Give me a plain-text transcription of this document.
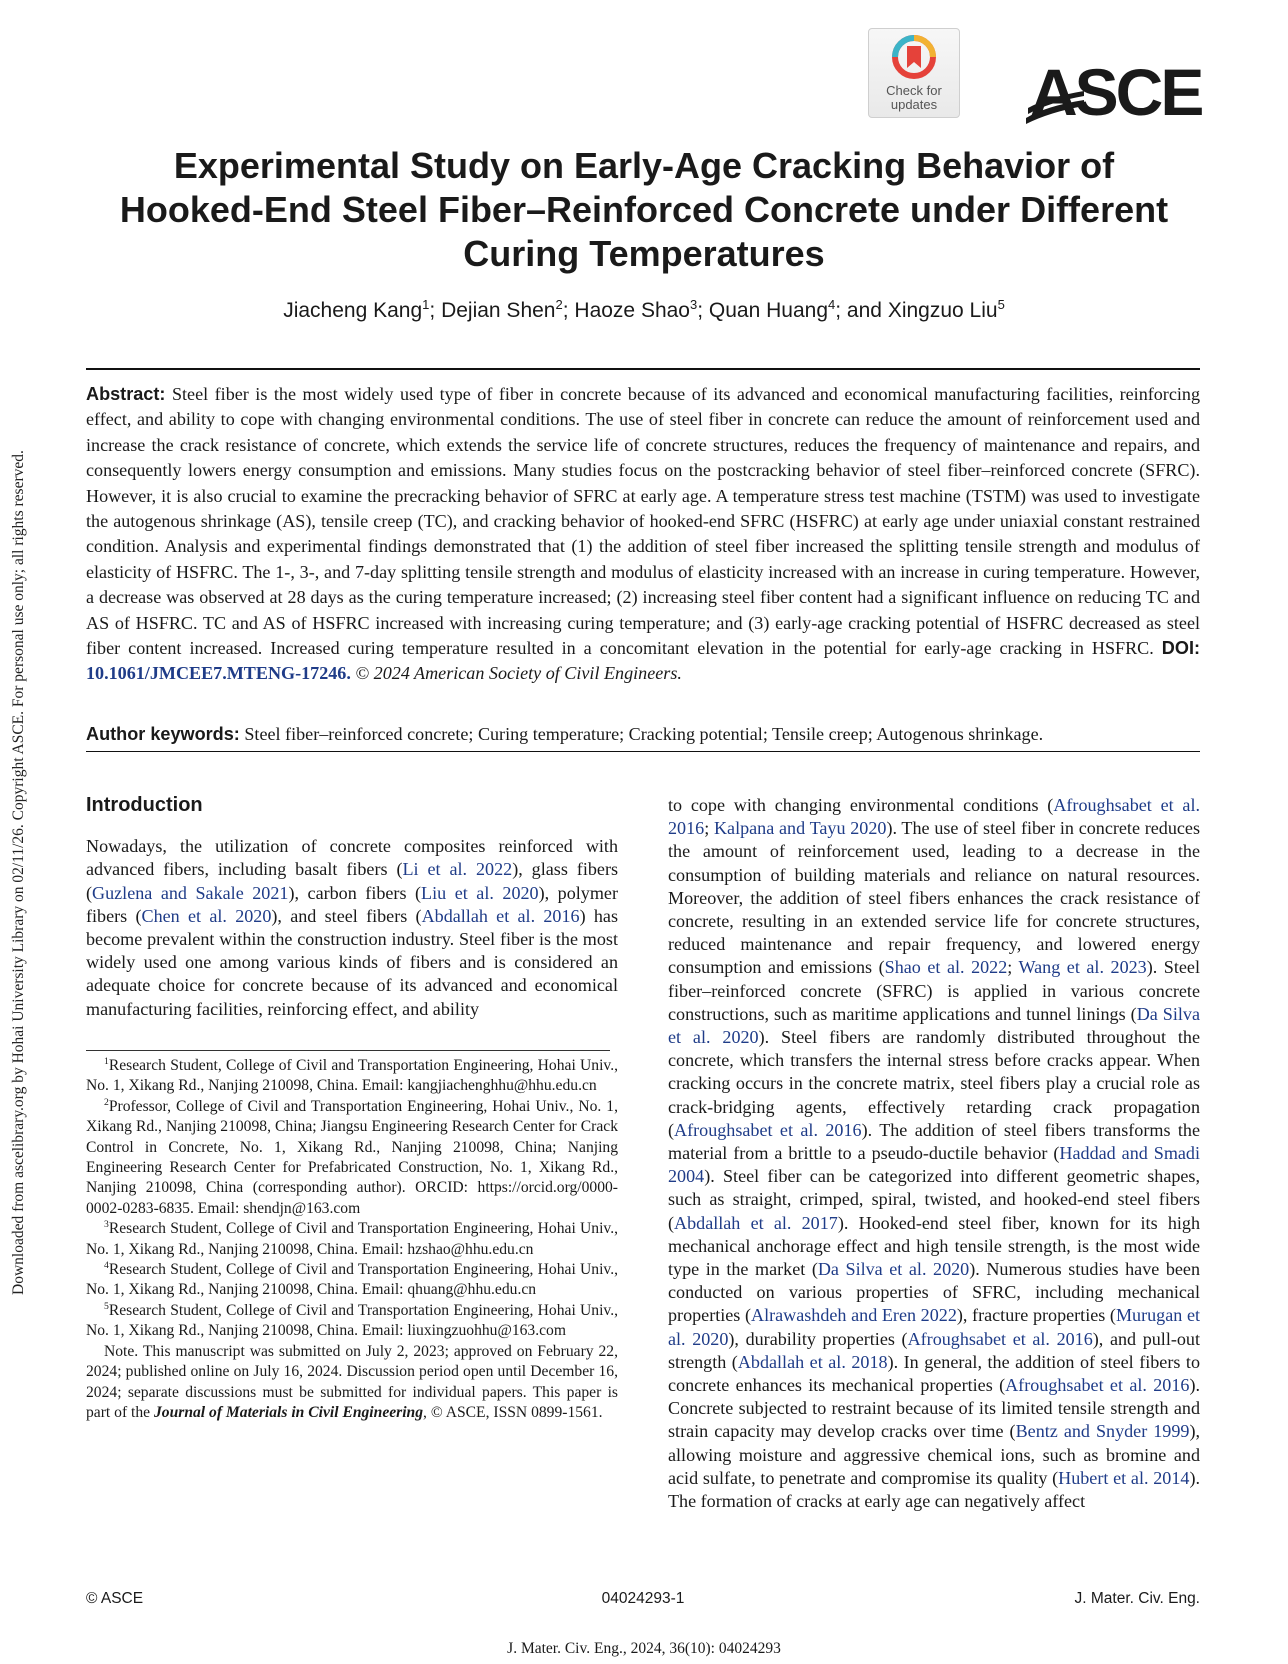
Downloaded from ascelibrary.org by Hohai University Library on 02/11/26. Copyright ASCE. For personal use only; all rights reserved.
Check for
updates	ASCE
Experimental Study on Early-Age Cracking Behavior of Hooked-End Steel Fiber–Reinforced Concrete under Different Curing Temperatures
Jiacheng Kang$^1$; Dejian Shen$^2$; Haoze Shao$^3$; Quan Huang$^4$; and Xingzuo Liu$^5$
Abstract: Steel fiber is the most widely used type of fiber in concrete because of its advanced and economical manufacturing facilities, reinforcing effect, and ability to cope with changing environmental conditions. The use of steel fiber in concrete can reduce the amount of reinforcement used and increase the crack resistance of concrete, which extends the service life of concrete structures, reduces the frequency of maintenance and repairs, and consequently lowers energy consumption and emissions. Many studies focus on the postcracking behavior of steel fiber–reinforced concrete (SFRC). However, it is also crucial to examine the precracking behavior of SFRC at early age. A temperature stress test machine (TSTM) was used to investigate the autogenous shrinkage (AS), tensile creep (TC), and cracking behavior of hooked-end SFRC (HSFRC) at early age under uniaxial constant restrained condition. Analysis and experimental findings demonstrated that (1) the addition of steel fiber increased the splitting tensile strength and modulus of elasticity of HSFRC. The 1-, 3-, and 7-day splitting tensile strength and modulus of elasticity increased with an increase in curing temperature. However, a decrease was observed at 28 days as the curing temperature increased; (2) increasing steel fiber content had a significant influence on reducing TC and AS of HSFRC. TC and AS of HSFRC increased with increasing curing temperature; and (3) early-age cracking potential of HSFRC decreased as steel fiber content increased. Increased curing temperature resulted in a concomitant elevation in the potential for early-age cracking in HSFRC. DOI: 10.1061/JMCEE7.MTENG-17246. © 2024 American Society of Civil Engineers.
Author keywords: Steel fiber–reinforced concrete; Curing temperature; Cracking potential; Tensile creep; Autogenous shrinkage.
Introduction

Nowadays, the utilization of concrete composites reinforced with advanced fibers, including basalt fibers (Li et al. 2022), glass fibers (Guzlena and Sakale 2021), carbon fibers (Liu et al. 2020), polymer fibers (Chen et al. 2020), and steel fibers (Abdallah et al. 2016) has become prevalent within the construction industry. Steel fiber is the most widely used one among various kinds of fibers and is considered an adequate choice for concrete because of its advanced and economical manufacturing facilities, reinforcing effect, and ability

$^1$Research Student, College of Civil and Transportation Engineering, Hohai Univ., No. 1, Xikang Rd., Nanjing 210098, China. Email: kangjiachenghhu@hhu.edu.cn

$^2$Professor, College of Civil and Transportation Engineering, Hohai Univ., No. 1, Xikang Rd., Nanjing 210098, China; Jiangsu Engineering Research Center for Crack Control in Concrete, No. 1, Xikang Rd., Nanjing 210098, China; Nanjing Engineering Research Center for Prefabricated Construction, No. 1, Xikang Rd., Nanjing 210098, China (corresponding author). ORCID: https://orcid.org/0000-0002-0283-6835. Email: shendjn@163.com

$^3$Research Student, College of Civil and Transportation Engineering, Hohai Univ., No. 1, Xikang Rd., Nanjing 210098, China. Email: hzshao@hhu.edu.cn

$^4$Research Student, College of Civil and Transportation Engineering, Hohai Univ., No. 1, Xikang Rd., Nanjing 210098, China. Email: qhuang@hhu.edu.cn

$^5$Research Student, College of Civil and Transportation Engineering, Hohai Univ., No. 1, Xikang Rd., Nanjing 210098, China. Email: liuxingzuohhu@163.com

Note. This manuscript was submitted on July 2, 2023; approved on February 22, 2024; published online on July 16, 2024. Discussion period open until December 16, 2024; separate discussions must be submitted for individual papers. This paper is part of the Journal of Materials in Civil Engineering, © ASCE, ISSN 0899-1561.

to cope with changing environmental conditions (Afroughsabet et al. 2016; Kalpana and Tayu 2020). The use of steel fiber in concrete reduces the amount of reinforcement used, leading to a decrease in the consumption of building materials and reliance on natural resources. Moreover, the addition of steel fibers enhances the crack resistance of concrete, resulting in an extended service life for concrete structures, reduced maintenance and repair frequency, and lowered energy consumption and emissions (Shao et al. 2022; Wang et al. 2023). Steel fiber–reinforced concrete (SFRC) is applied in various concrete constructions, such as maritime applications and tunnel linings (Da Silva et al. 2020). Steel fibers are randomly distributed throughout the concrete, which transfers the internal stress before cracks appear. When cracking occurs in the concrete matrix, steel fibers play a crucial role as crack-bridging agents, effectively retarding crack propagation (Afroughsabet et al. 2016). The addition of steel fibers transforms the material from a brittle to a pseudo-ductile behavior (Haddad and Smadi 2004). Steel fiber can be categorized into different geometric shapes, such as straight, crimped, spiral, twisted, and hooked-end steel fibers (Abdallah et al. 2017). Hooked-end steel fiber, known for its high mechanical anchorage effect and high tensile strength, is the most wide type in the market (Da Silva et al. 2020). Numerous studies have been conducted on various properties of SFRC, including mechanical properties (Alrawashdeh and Eren 2022), fracture properties (Murugan et al. 2020), durability properties (Afroughsabet et al. 2016), and pull-out strength (Abdallah et al. 2018). In general, the addition of steel fibers to concrete enhances its mechanical properties (Afroughsabet et al. 2016). Concrete subjected to restraint because of its limited tensile strength and strain capacity may develop cracks over time (Bentz and Snyder 1999), allowing moisture and aggressive chemical ions, such as bromine and acid sulfate, to penetrate and compromise its quality (Hubert et al. 2014). The formation of cracks at early age can negatively affect

© ASCE	04024293-1	J. Mater. Civ. Eng.
J. Mater. Civ. Eng., 2024, 36(10): 04024293
